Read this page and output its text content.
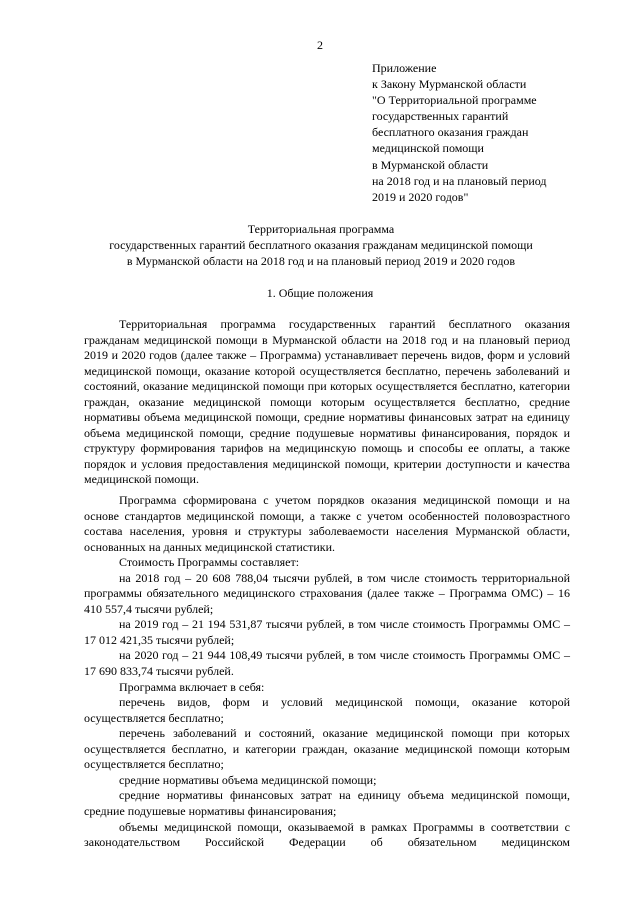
2
Приложение
к Закону Мурманской области
"О Территориальной программе
государственных гарантий
бесплатного оказания граждан
медицинской помощи
в Мурманской области
на 2018 год и на плановый период
2019 и 2020 годов"
Территориальная программа
государственных гарантий бесплатного оказания гражданам медицинской помощи
в Мурманской области на 2018 год и на плановый период 2019 и 2020 годов
1. Общие положения

Территориальная программа государственных гарантий бесплатного оказания гражданам медицинской помощи в Мурманской области на 2018 год и на плановый период 2019 и 2020 годов (далее также – Программа) устанавливает перечень видов, форм и условий медицинской помощи, оказание которой осуществляется бесплатно, перечень заболеваний и состояний, оказание медицинской помощи при которых осуществляется бесплатно, категории граждан, оказание медицинской помощи которым осуществляется бесплатно, средние нормативы объема медицинской помощи, средние нормативы финансовых затрат на единицу объема медицинской помощи, средние подушевые нормативы финансирования, порядок и структуру формирования тарифов на медицинскую помощь и способы ее оплаты, а также порядок и условия предоставления медицинской помощи, критерии доступности и качества медицинской помощи.

Программа сформирована с учетом порядков оказания медицинской помощи и на основе стандартов медицинской помощи, а также с учетом особенностей половозрастного состава населения, уровня и структуры заболеваемости населения Мурманской области, основанных на данных медицинской статистики.

Стоимость Программы составляет:

на 2018 год – 20 608 788,04 тысячи рублей, в том числе стоимость территориальной программы обязательного медицинского страхования (далее также – Программа ОМС) – 16 410 557,4 тысячи рублей;

на 2019 год – 21 194 531,87 тысячи рублей, в том числе стоимость Программы ОМС – 17 012 421,35 тысячи рублей;

на 2020 год – 21 944 108,49 тысячи рублей, в том числе стоимость Программы ОМС – 17 690 833,74 тысячи рублей.

Программа включает в себя:

перечень видов, форм и условий медицинской помощи, оказание которой осуществляется бесплатно;

перечень заболеваний и состояний, оказание медицинской помощи при которых осуществляется бесплатно, и категории граждан, оказание медицинской помощи которым осуществляется бесплатно;

средние нормативы объема медицинской помощи;

средние нормативы финансовых затрат на единицу объема медицинской помощи, средние подушевые нормативы финансирования;

объемы медицинской помощи, оказываемой в рамках Программы в соответствии с законодательством Российской Федерации об обязательном медицинском
